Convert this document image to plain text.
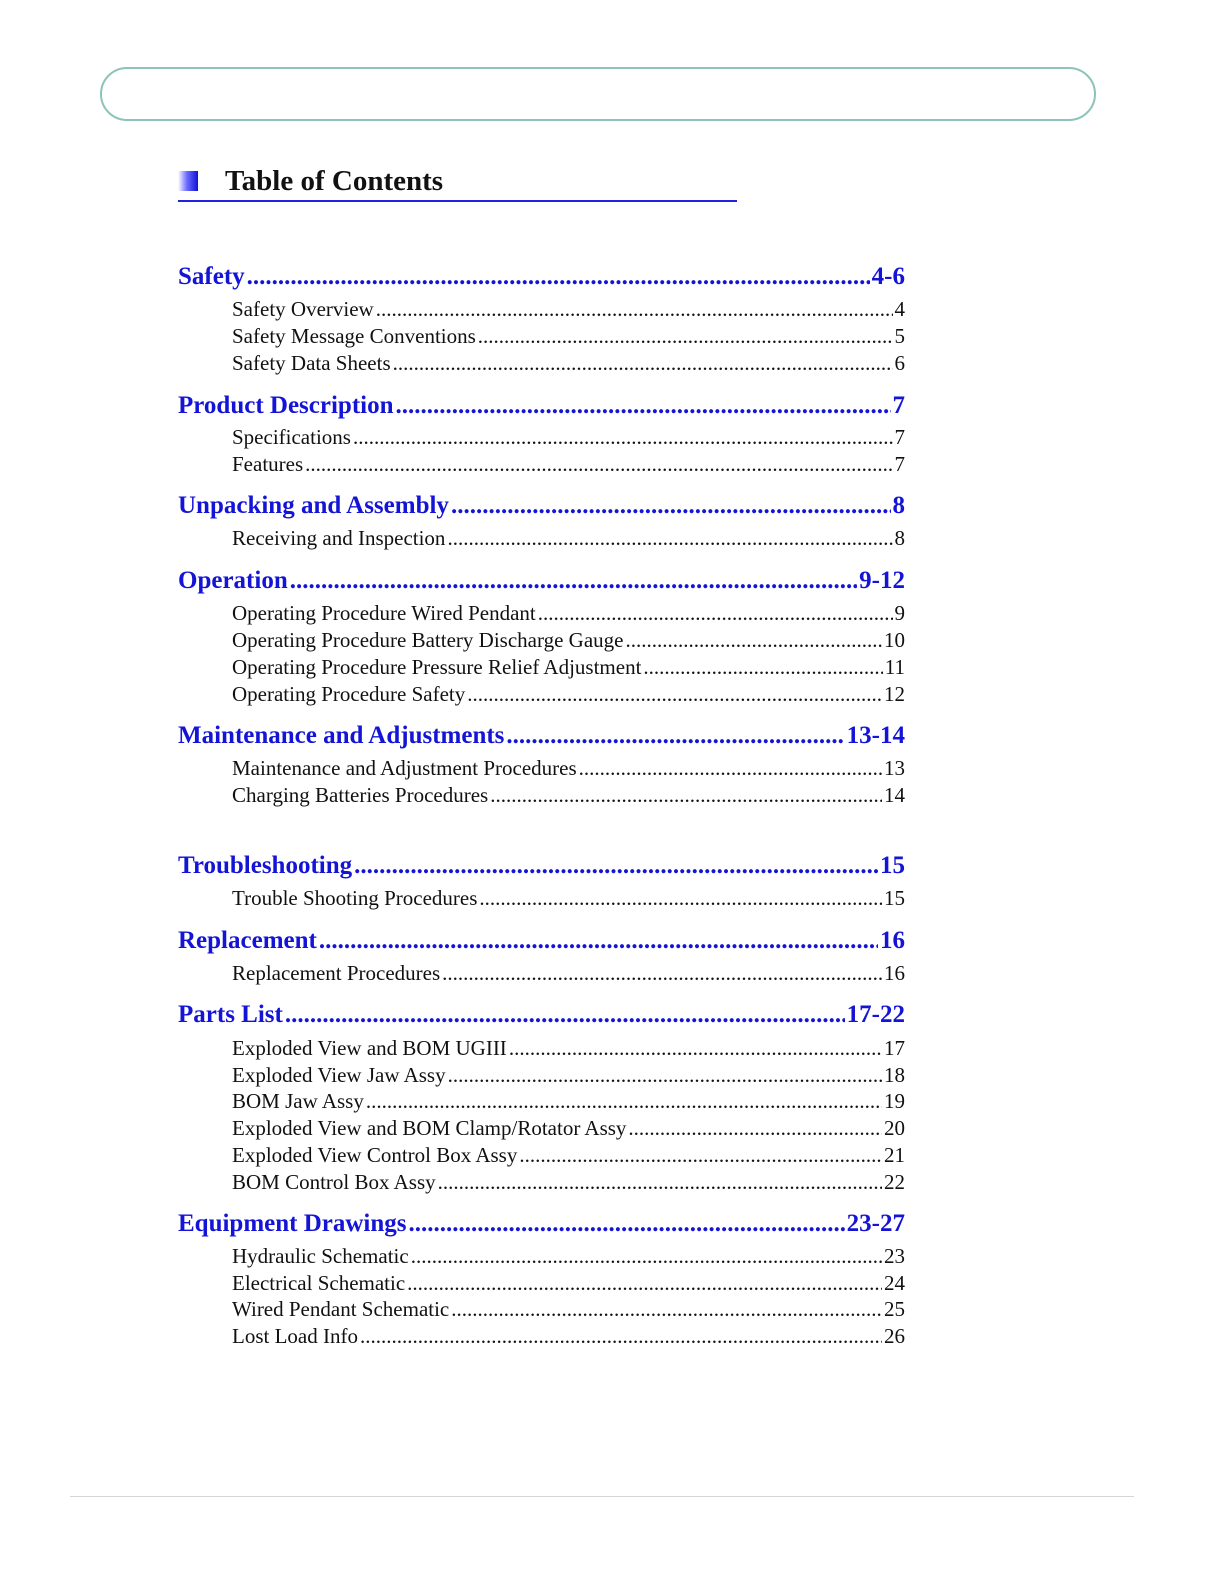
Table of Contents
Safety .....	4-6
Safety Overview .....	4
Safety Message Conventions .....	5
Safety Data Sheets .....	6
Product Description .....	7
Specifications .....	7
Features .....	7
Unpacking and Assembly .....	8
Receiving and Inspection .....	8
Operation .....	9-12
Operating Procedure Wired Pendant .....	9
Operating Procedure Battery Discharge Gauge .....	10
Operating Procedure Pressure Relief Adjustment .....	11
Operating Procedure Safety .....	12
Maintenance and Adjustments .....	13-14
Maintenance and Adjustment Procedures .....	13
Charging Batteries Procedures .....	14
Troubleshooting .....	15
Trouble Shooting Procedures .....	15
Replacement .....	16
Replacement Procedures .....	16
Parts List .....	17-22
Exploded View and BOM UGIII .....	17
Exploded View Jaw Assy .....	18
BOM Jaw Assy .....	19
Exploded View and BOM Clamp/Rotator Assy .....	20
Exploded View Control Box Assy .....	21
BOM Control Box Assy .....	22
Equipment Drawings .....	23-27
Hydraulic Schematic .....	23
Electrical Schematic .....	24
Wired Pendant Schematic .....	25
Lost Load Info .....	26
